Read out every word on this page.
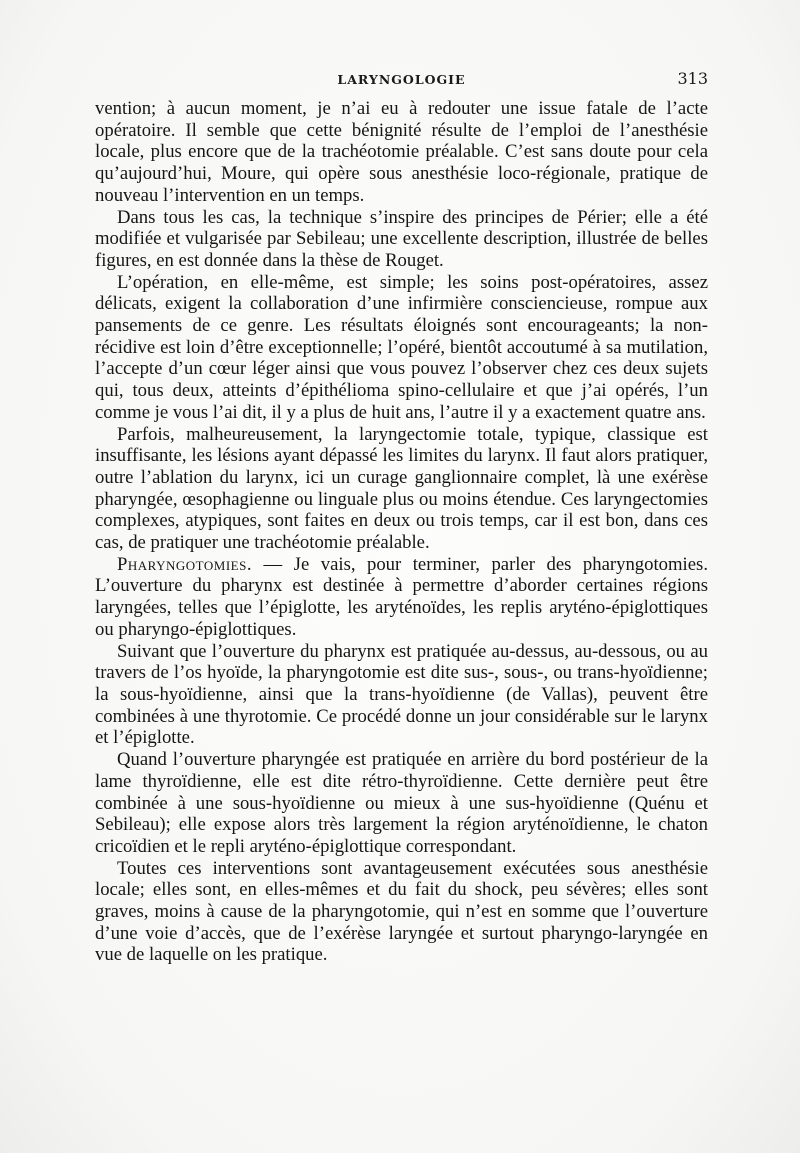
LARYNGOLOGIE	313

vention; à aucun moment, je n’ai eu à redouter une issue fatale de l’acte opératoire. Il semble que cette bénignité résulte de l’emploi de l’anesthésie locale, plus encore que de la trachéotomie préalable. C’est sans doute pour cela qu’aujourd’hui, Moure, qui opère sous anesthésie loco-régionale, pratique de nouveau l’intervention en un temps.

Dans tous les cas, la technique s’inspire des principes de Périer; elle a été modifiée et vulgarisée par Sebileau; une excellente description, illustrée de belles figures, en est donnée dans la thèse de Rouget.

L’opération, en elle-même, est simple; les soins post-opératoires, assez délicats, exigent la collaboration d’une infirmière consciencieuse, rompue aux pansements de ce genre. Les résultats éloignés sont encourageants; la non-récidive est loin d’être exceptionnelle; l’opéré, bientôt accoutumé à sa mutilation, l’accepte d’un cœur léger ainsi que vous pouvez l’observer chez ces deux sujets qui, tous deux, atteints d’épithélioma spino-cellulaire et que j’ai opérés, l’un comme je vous l’ai dit, il y a plus de huit ans, l’autre il y a exactement quatre ans.

Parfois, malheureusement, la laryngectomie totale, typique, classique est insuffisante, les lésions ayant dépassé les limites du larynx. Il faut alors pratiquer, outre l’ablation du larynx, ici un curage ganglionnaire complet, là une exérèse pharyngée, œsophagienne ou linguale plus ou moins étendue. Ces laryngectomies complexes, atypiques, sont faites en deux ou trois temps, car il est bon, dans ces cas, de pratiquer une trachéotomie préalable.

Pharyngotomies. — Je vais, pour terminer, parler des pharyngotomies. L’ouverture du pharynx est destinée à permettre d’aborder certaines régions laryngées, telles que l’épiglotte, les aryténoïdes, les replis aryténo-épiglottiques ou pharyngo-épiglottiques.

Suivant que l’ouverture du pharynx est pratiquée au-dessus, au-dessous, ou au travers de l’os hyoïde, la pharyngotomie est dite sus-, sous-, ou trans-hyoïdienne; la sous-hyoïdienne, ainsi que la trans-hyoïdienne (de Vallas), peuvent être combinées à une thyrotomie. Ce procédé donne un jour considérable sur le larynx et l’épiglotte.

Quand l’ouverture pharyngée est pratiquée en arrière du bord postérieur de la lame thyroïdienne, elle est dite rétro-thyroïdienne. Cette dernière peut être combinée à une sous-hyoïdienne ou mieux à une sus-hyoïdienne (Quénu et Sebileau); elle expose alors très largement la région aryténoïdienne, le chaton cricoïdien et le repli aryténo-épiglottique correspondant.

Toutes ces interventions sont avantageusement exécutées sous anesthésie locale; elles sont, en elles-mêmes et du fait du shock, peu sévères; elles sont graves, moins à cause de la pharyngotomie, qui n’est en somme que l’ouverture d’une voie d’accès, que de l’exérèse laryngée et surtout pharyngo-laryngée en vue de laquelle on les pratique.
